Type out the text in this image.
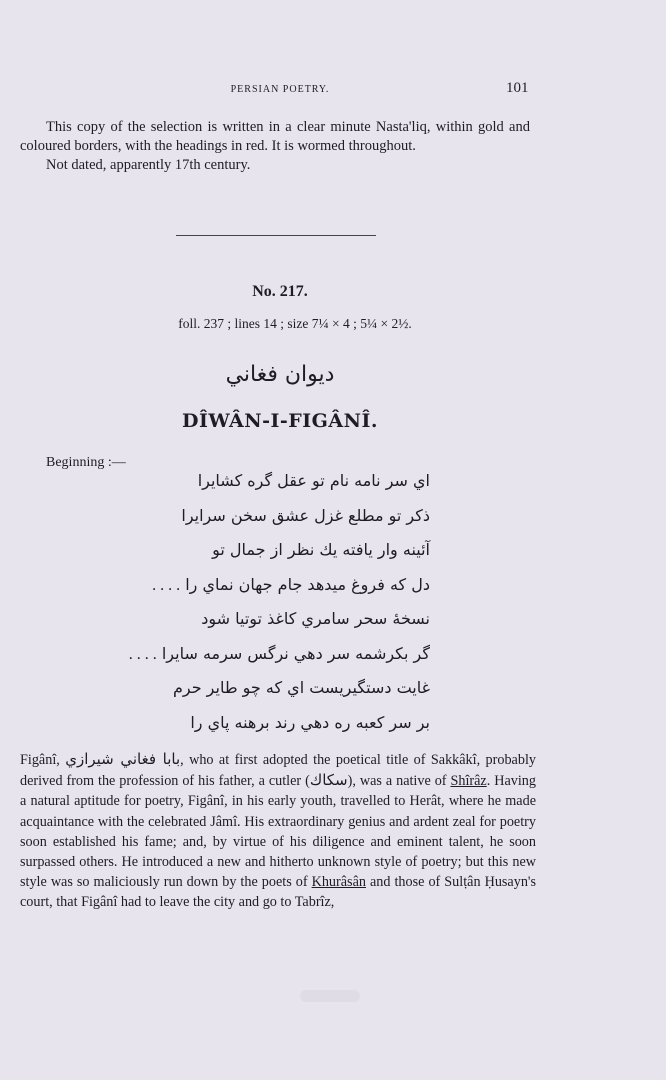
PERSIAN POETRY.	101

This copy of the selection is written in a clear minute Nasta'liq, within gold and coloured borders, with the headings in red. It is wormed throughout.

Not dated, apparently 17th century.

No. 217.
foll. 237 ; lines 14 ; size 7¼ × 4 ; 5¼ × 2½.
ديوان فغاني
DÎWÂN-I-FIGÂNÎ.
Beginning :—
اي سر نامه نام تو عقل گره کشايرا
ذکر تو مطلع غزل عشق سخن سرايرا
آئينه وار يافته يك نظر از جمال تو
دل که فروغ ميدهد جام جهان نماي را . . . .
نسخهٔ سحر سامري کاغذ توتيا شود
گر بکرشمه سر دهي نرگس سرمه سايرا . . . .
غايت دستگيريست اي که چو طاير حرم
بر سر کعبه ره دهي رند برهنه پاي را
Figânî, بابا فغاني شيرازي, who at first adopted the poetical title of Sakkâkî, probably derived from the profession of his father, a cutler (سکاك), was a native of Shîrâz. Having a natural aptitude for poetry, Figânî, in his early youth, travelled to Herât, where he made acquaintance with the celebrated Jâmî. His extraordinary genius and ardent zeal for poetry soon established his fame; and, by virtue of his diligence and eminent talent, he soon surpassed others. He introduced a new and hitherto unknown style of poetry; but this new style was so maliciously run down by the poets of Khurâsân and those of Sulṭân Ḥusayn's court, that Figânî had to leave the city and go to Tabrîz,
